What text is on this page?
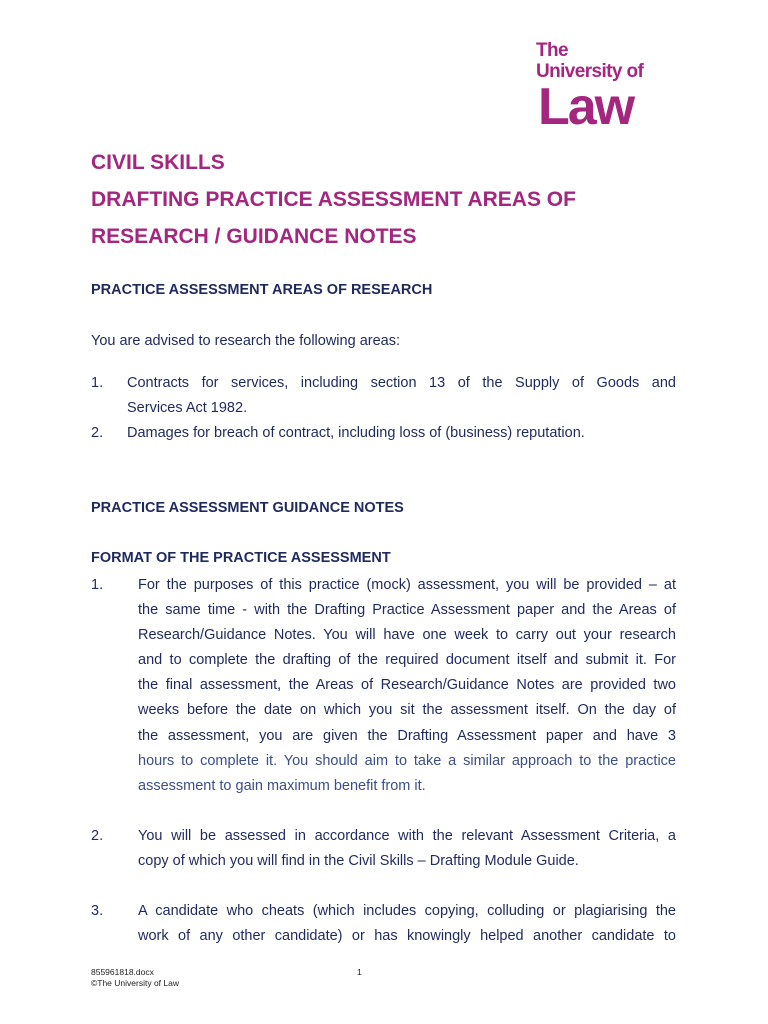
The
University of
Law
CIVIL SKILLS
DRAFTING PRACTICE ASSESSMENT AREAS OF
RESEARCH / GUIDANCE NOTES
PRACTICE ASSESSMENT AREAS OF RESEARCH
You are advised to research the following areas:
1. Contracts for services, including section 13 of the Supply of Goods and
Services Act 1982.
2. Damages for breach of contract, including loss of (business) reputation.
PRACTICE ASSESSMENT GUIDANCE NOTES
FORMAT OF THE PRACTICE ASSESSMENT
1. For the purposes of this practice (mock) assessment, you will be provided – at
the same time - with the Drafting Practice Assessment paper and the Areas of
Research/Guidance Notes. You will have one week to carry out your research
and to complete the drafting of the required document itself and submit it. For
the final assessment, the Areas of Research/Guidance Notes are provided two
weeks before the date on which you sit the assessment itself. On the day of
the assessment, you are given the Drafting Assessment paper and have 3
hours to complete it. You should aim to take a similar approach to the practice
assessment to gain maximum benefit from it.
2. You will be assessed in accordance with the relevant Assessment Criteria, a
copy of which you will find in the Civil Skills – Drafting Module Guide.
3. A candidate who cheats (which includes copying, colluding or plagiarising the
work of any other candidate) or has knowingly helped another candidate to
855961818.docx
©The University of Law
1
